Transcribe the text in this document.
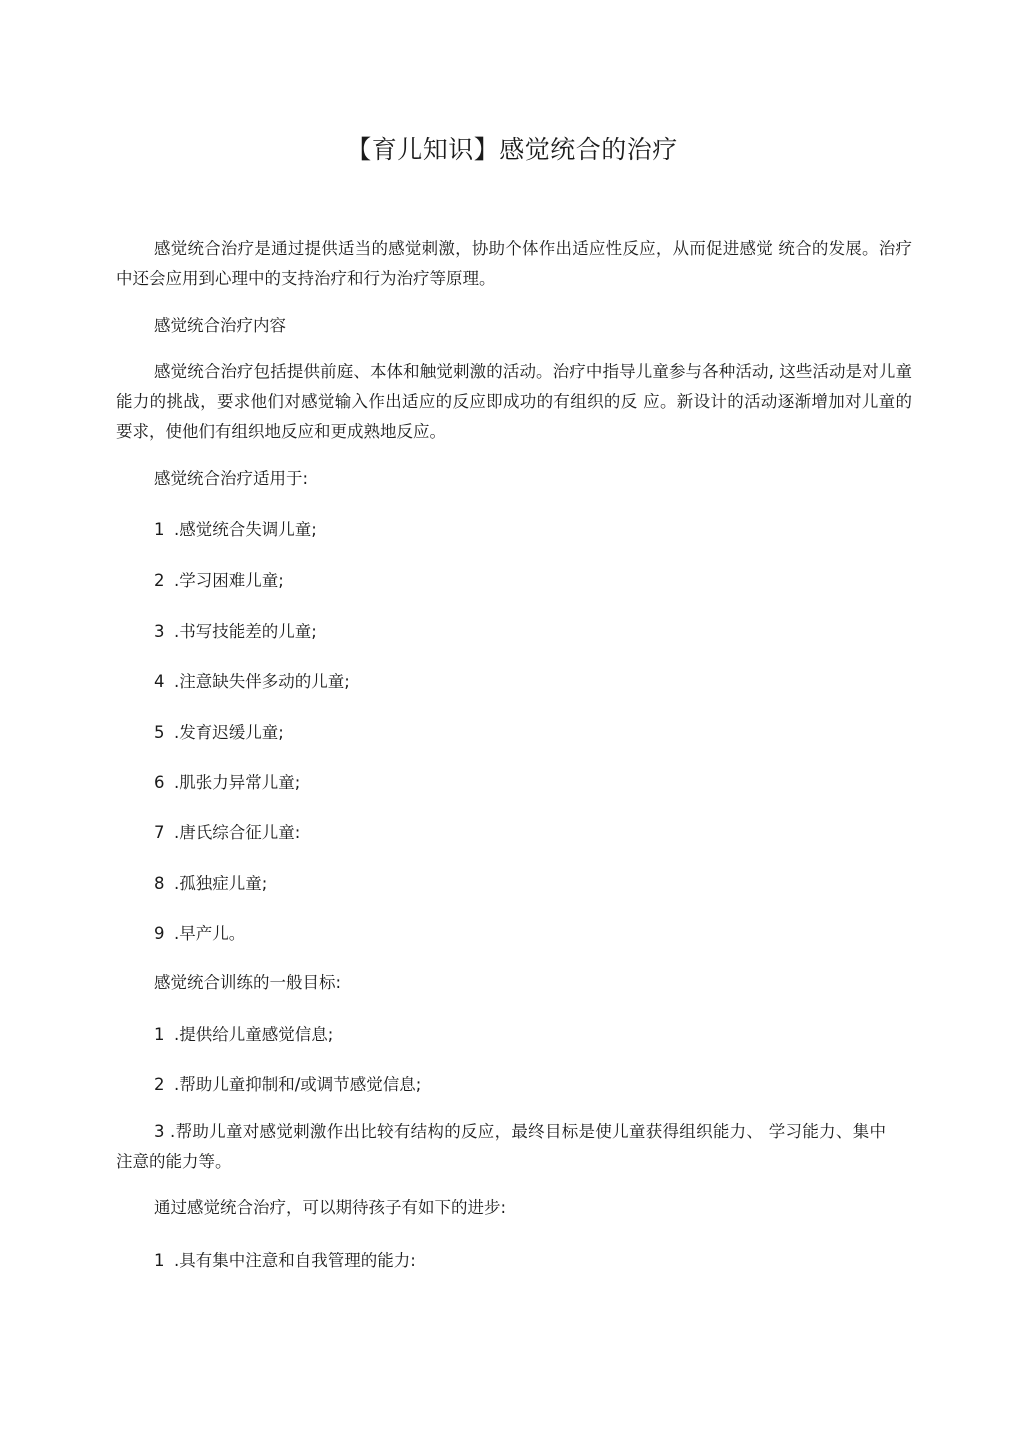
【育儿知识】感觉统合的治疗

感觉统合治疗是通过提供适当的感觉刺激，协助个体作出适应性反应，从而促进感觉 统合的发展。治疗中还会应用到心理中的支持治疗和行为治疗等原理。

感觉统合治疗内容

感觉统合治疗包括提供前庭、本体和触觉刺激的活动。治疗中指导儿童参与各种活动, 这些活动是对儿童能力的挑战，要求他们对感觉输入作出适应的反应即成功的有组织的反 应。新设计的活动逐渐增加对儿童的要求，使他们有组织地反应和更成熟地反应。

感觉统合治疗适用于:

1 .感觉统合失调儿童;

2 .学习困难儿童;

3 .书写技能差的儿童;

4 .注意缺失伴多动的儿童;

5 .发育迟缓儿童;

6 .肌张力异常儿童;

7 .唐氏综合征儿童:

8 .孤独症儿童;

9 .早产儿。

感觉统合训练的一般目标:

1 .提供给儿童感觉信息;

2 .帮助儿童抑制和/或调节感觉信息;

3 .帮助儿童对感觉刺激作出比较有结构的反应，最终目标是使儿童获得组织能力、 学习能力、集中注意的能力等。

通过感觉统合治疗，可以期待孩子有如下的进步:

1 .具有集中注意和自我管理的能力:
